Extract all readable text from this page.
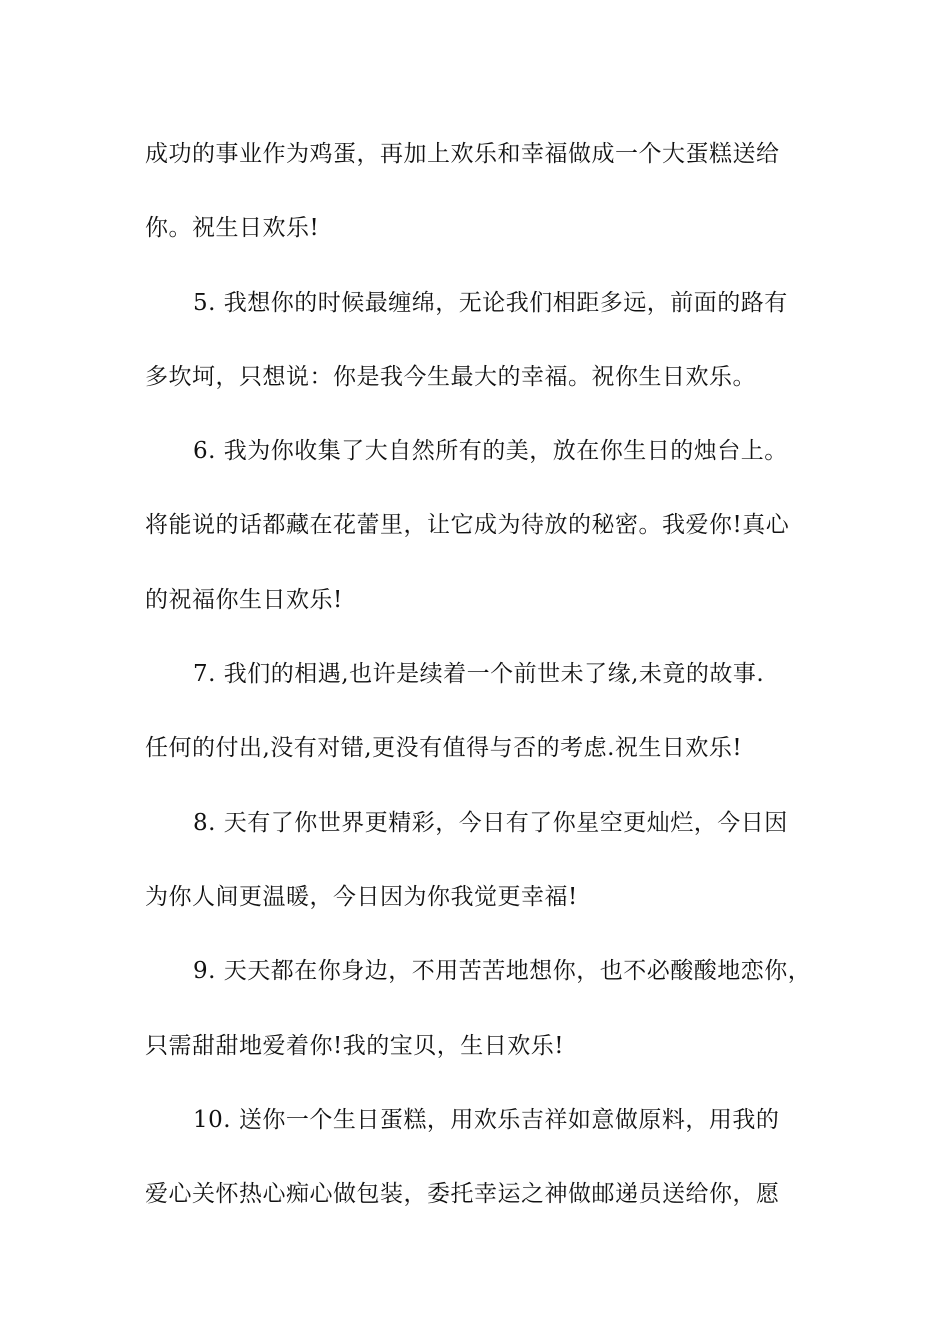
成功的事业作为鸡蛋，再加上欢乐和幸福做成一个大蛋糕送给
你。祝生日欢乐!
5. 我想你的时候最缠绵，无论我们相距多远，前面的路有
多坎坷，只想说：你是我今生最大的幸福。祝你生日欢乐。
6. 我为你收集了大自然所有的美，放在你生日的烛台上。
将能说的话都藏在花蕾里，让它成为待放的秘密。我爱你!真心
的祝福你生日欢乐!
7. 我们的相遇,也许是续着一个前世未了缘,未竟的故事.
任何的付出,没有对错,更没有值得与否的考虑.祝生日欢乐!
8. 天有了你世界更精彩，今日有了你星空更灿烂，今日因
为你人间更温暖，今日因为你我觉更幸福!
9. 天天都在你身边，不用苦苦地想你，也不必酸酸地恋你，
只需甜甜地爱着你!我的宝贝，生日欢乐!
10. 送你一个生日蛋糕，用欢乐吉祥如意做原料，用我的
爱心关怀热心痴心做包装，委托幸运之神做邮递员送给你，愿
